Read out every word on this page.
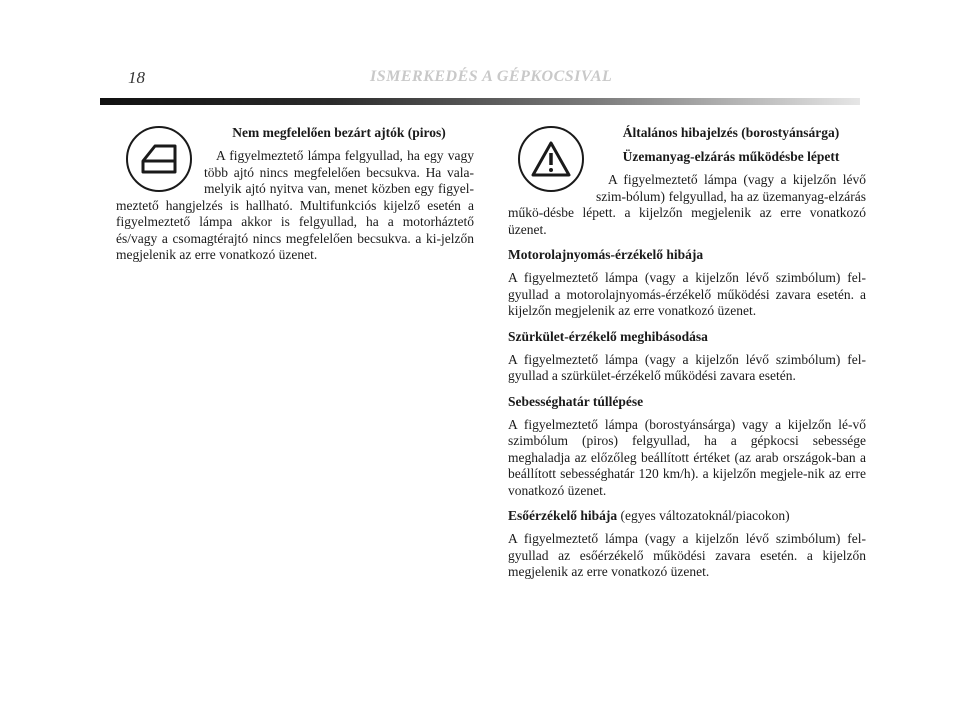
18	ISMERKEDÉS A GÉPKOCSIVAL

Nem megfelelően bezárt ajtók (piros)

A figyelmeztető lámpa felgyullad, ha egy vagy több ajtó nincs megfelelően becsukva. Ha vala-melyik ajtó nyitva van, menet közben egy figyel-meztető hangjelzés is hallható. Multifunkciós kijelző esetén a figyelmeztető lámpa akkor is felgyullad, ha a motorháztető és/vagy a csomagtérajtó nincs megfelelően becsukva. a ki-jelzőn megjelenik az erre vonatkozó üzenet.

Általános hibajelzés (borostyánsárga)

Üzemanyag-elzárás működésbe lépett

A figyelmeztető lámpa (vagy a kijelzőn lévő szim-bólum) felgyullad, ha az üzemanyag-elzárás műkö-désbe lépett. a kijelzőn megjelenik az erre vonatkozó üzenet.

Motorolajnyomás-érzékelő hibája

A figyelmeztető lámpa (vagy a kijelzőn lévő szimbólum) fel-gyullad a motorolajnyomás-érzékelő működési zavara esetén. a kijelzőn megjelenik az erre vonatkozó üzenet.

Szürkület-érzékelő meghibásodása

A figyelmeztető lámpa (vagy a kijelzőn lévő szimbólum) fel-gyullad a szürkület-érzékelő működési zavara esetén.

Sebességhatár túllépése

A figyelmeztető lámpa (borostyánsárga) vagy a kijelzőn lé-vő szimbólum (piros) felgyullad, ha a gépkocsi sebessége meghaladja az előzőleg beállított értéket (az arab országok-ban a beállított sebességhatár 120 km/h). a kijelzőn megjele-nik az erre vonatkozó üzenet.

Esőérzékelő hibája (egyes változatoknál/piacokon)

A figyelmeztető lámpa (vagy a kijelzőn lévő szimbólum) fel-gyullad az esőérzékelő működési zavara esetén. a kijelzőn megjelenik az erre vonatkozó üzenet.
